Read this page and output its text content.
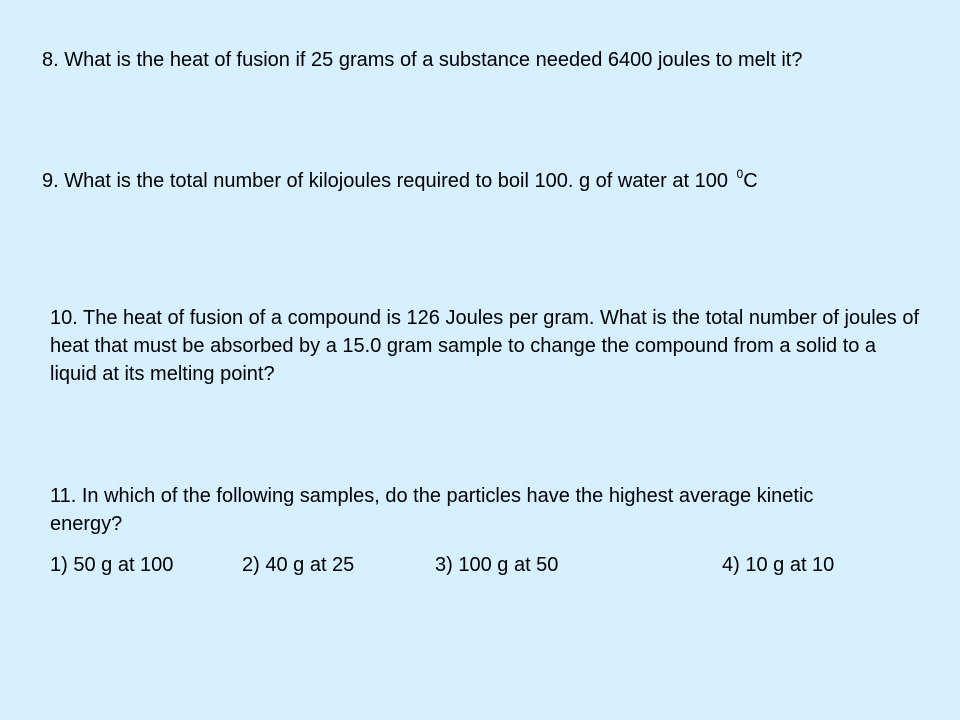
8. What is the heat of fusion if 25 grams of a substance needed 6400 joules to melt it?

9. What is the total number of kilojoules required to boil 100. g of water at 100 $^0$C

10. The heat of fusion of a compound is 126 Joules per gram. What is the total number of joules of heat that must be absorbed by a 15.0 gram sample to change the compound from a solid to a liquid at its melting point?

11. In which of the following samples, do the particles have the highest average kinetic energy?

1) 50 g at 100	2) 40 g at 25	3) 100 g at 50	4) 10 g at 10
